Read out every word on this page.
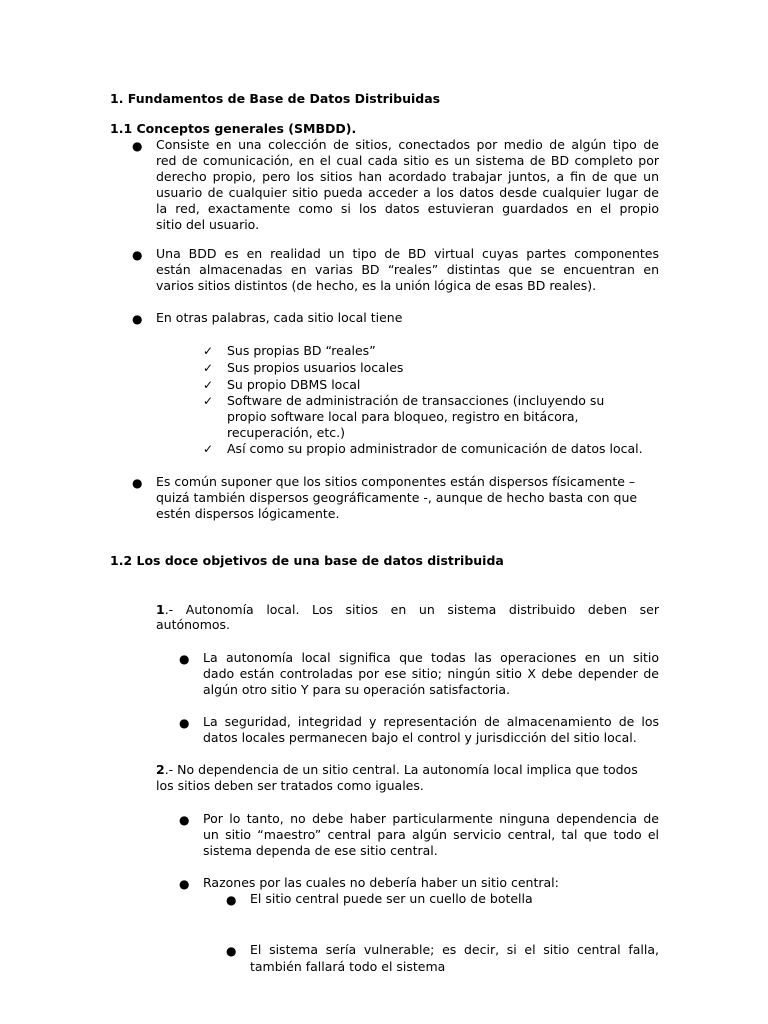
1. Fundamentos de Base de Datos Distribuidas
1.1 Conceptos generales (SMBDD).
● Consiste en una colección de sitios, conectados por medio de algún tipo de
red de comunicación, en el cual cada sitio es un sistema de BD completo por
derecho propio, pero los sitios han acordado trabajar juntos, a fin de que un
usuario de cualquier sitio pueda acceder a los datos desde cualquier lugar de
la red, exactamente como si los datos estuvieran guardados en el propio
sitio del usuario.
● Una BDD es en realidad un tipo de BD virtual cuyas partes componentes
están almacenadas en varias BD “reales” distintas que se encuentran en
varios sitios distintos (de hecho, es la unión lógica de esas BD reales).
● En otras palabras, cada sitio local tiene
✓ Sus propias BD “reales”
✓ Sus propios usuarios locales
✓ Su propio DBMS local
✓ Software de administración de transacciones (incluyendo su
propio software local para bloqueo, registro en bitácora,
recuperación, etc.)
✓ Así como su propio administrador de comunicación de datos local.
● Es común suponer que los sitios componentes están dispersos físicamente –
quizá también dispersos geográficamente -, aunque de hecho basta con que
estén dispersos lógicamente.
1.2 Los doce objetivos de una base de datos distribuida
1.- Autonomía local. Los sitios en un sistema distribuido deben ser
autónomos.
● La autonomía local significa que todas las operaciones en un sitio
dado están controladas por ese sitio; ningún sitio X debe depender de
algún otro sitio Y para su operación satisfactoria.
● La seguridad, integridad y representación de almacenamiento de los
datos locales permanecen bajo el control y jurisdicción del sitio local.
2.- No dependencia de un sitio central. La autonomía local implica que todos
los sitios deben ser tratados como iguales.
● Por lo tanto, no debe haber particularmente ninguna dependencia de
un sitio “maestro” central para algún servicio central, tal que todo el
sistema dependa de ese sitio central.
● Razones por las cuales no debería haber un sitio central:
● El sitio central puede ser un cuello de botella
● El sistema sería vulnerable; es decir, si el sitio central falla,
también fallará todo el sistema
